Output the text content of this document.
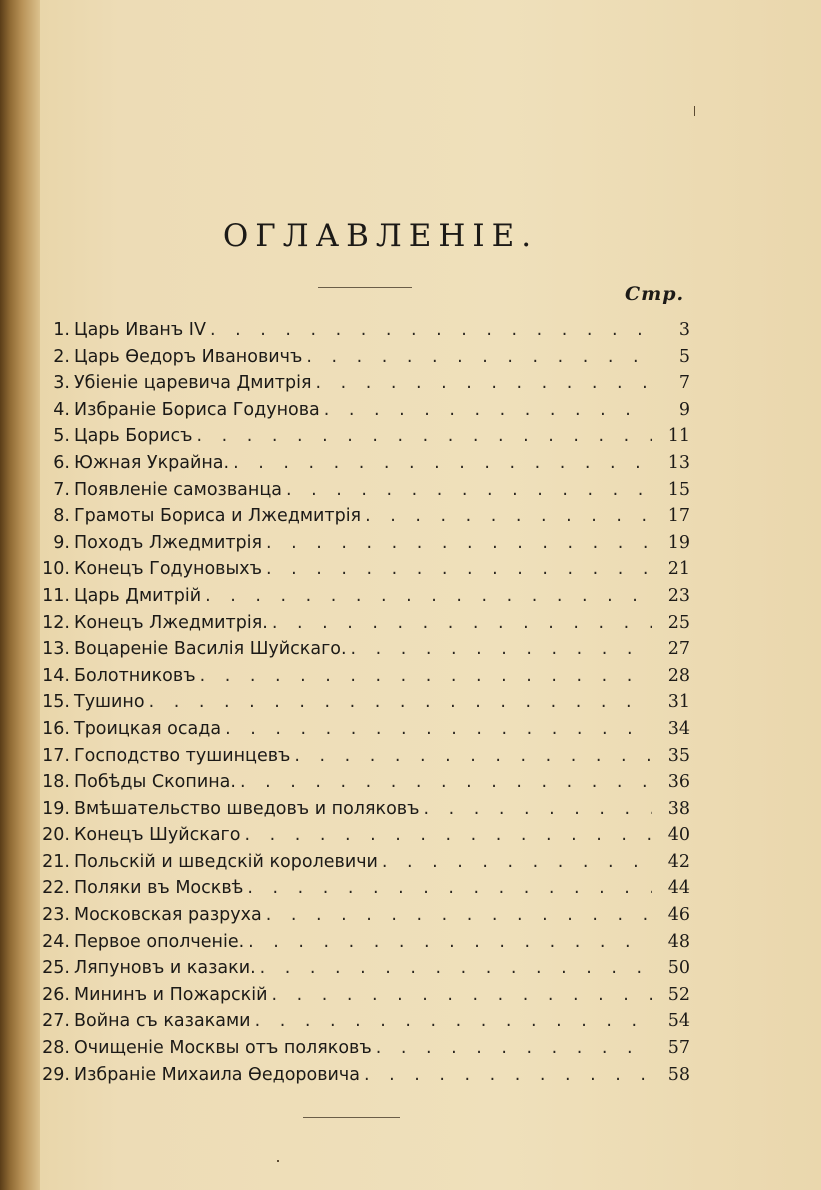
ОГЛАВЛЕНІЕ.
Стр.
1. Царь Иванъ IV . . .	3
2. Царь Өедоръ Ивановичъ . . .	5
3. Убіеніе царевича Дмитрія . . .	7
4. Избраніе Бориса Годунова . . .	9
5. Царь Борисъ . . .	11
6. Южная Украйна. . . .	13
7. Появленіе самозванца . . .	15
8. Грамоты Бориса и Лжедмитрія . . .	17
9. Походъ Лжедмитрія . . .	19
10. Конецъ Годуновыхъ . . .	21
11. Царь Дмитрій . . .	23
12. Конецъ Лжедмитрія. . . .	25
13. Воцареніе Василія Шуйскаго. . . .	27
14. Болотниковъ . . .	28
15. Тушино . . .	31
16. Троицкая осада . . .	34
17. Господство тушинцевъ . . .	35
18. Побѣды Скопина. . . .	36
19. Вмѣшательство шведовъ и поляковъ . . .	38
20. Конецъ Шуйскаго . . .	40
21. Польскій и шведскій королевичи . . .	42
22. Поляки въ Москвѣ . . .	44
23. Московская разруха . . .	46
24. Первое ополченіе. . . .	48
25. Ляпуновъ и казаки. . . .	50
26. Мининъ и Пожарскій . . .	52
27. Война съ казаками . . .	54
28. Очищеніе Москвы отъ поляковъ . . .	57
29. Избраніе Михаила Өедоровича . . .	58
